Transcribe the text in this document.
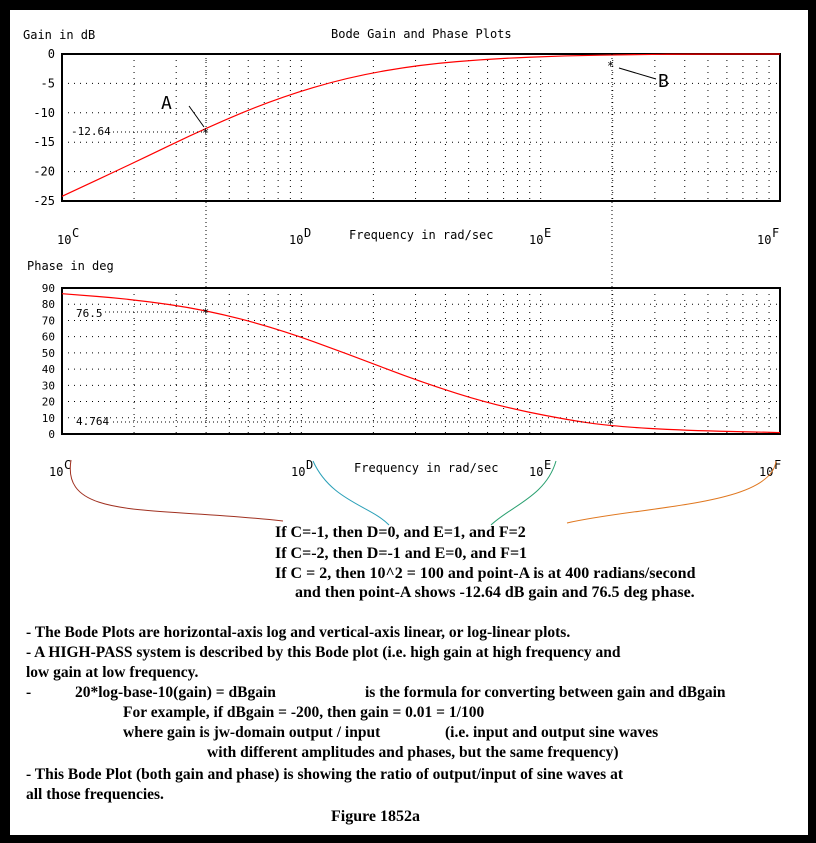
Gain in dB	Bode Gain and Phase Plots
0
-5
-10
-15
-20
-25
Frequency in rad/sec
10 C	10 D	10 E	10 F
*
*
A
B
-12.64
Phase in deg
90
80
70
60
50
40
30
20
10
0
Frequency in rad/sec
10 C	10 D	10 E	10 F
*
*
76.5
4.764
If C=-1, then D=0, and E=1, and F=2
If C=-2, then D=-1 and E=0, and F=1
If C = 2, then 10^2 = 100 and point-A is at 400 radians/second
and then point-A shows -12.64 dB gain and 76.5 deg phase.
- The Bode Plots are horizontal-axis log and vertical-axis linear, or log-linear plots.
- A HIGH-PASS system is described by this Bode plot (i.e. high gain at high frequency and
low gain at low frequency.
-	20*log-base-10(gain) = dBgain	is the formula for converting between gain and dBgain
For example, if dBgain = -200, then gain = 0.01 = 1/100
where gain is jw-domain output / input	(i.e. input and output sine waves
with different amplitudes and phases, but the same frequency)
- This Bode Plot (both gain and phase) is showing the ratio of output/input of sine waves at
all those frequencies.
Figure 1852a
